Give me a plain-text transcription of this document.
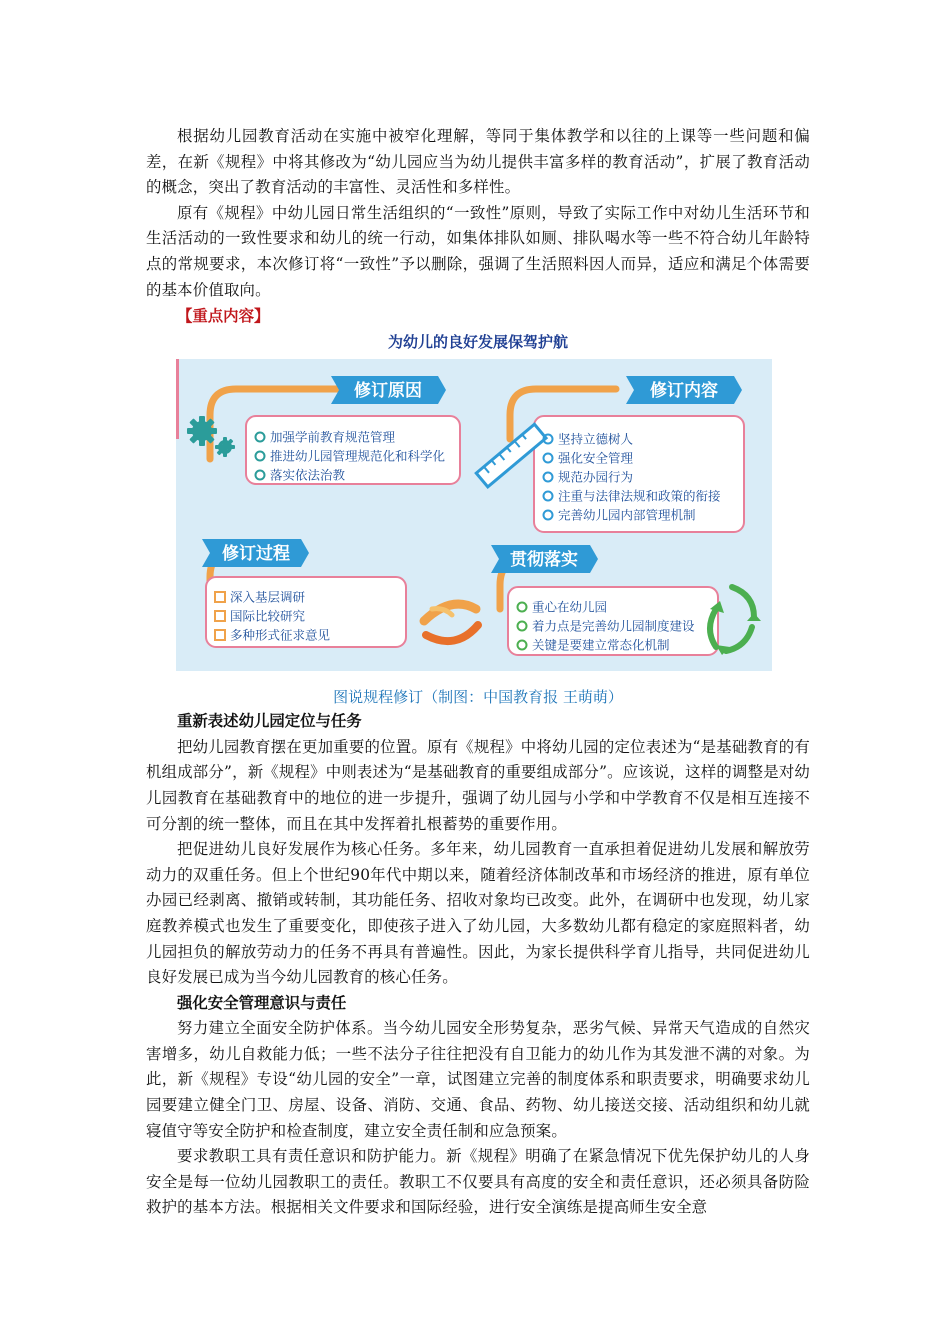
根据幼儿园教育活动在实施中被窄化理解，等同于集体教学和以往的上课等一些问题和偏差，在新《规程》中将其修改为“幼儿园应当为幼儿提供丰富多样的教育活动”，扩展了教育活动的概念，突出了教育活动的丰富性、灵活性和多样性。

原有《规程》中幼儿园日常生活组织的“一致性”原则，导致了实际工作中对幼儿生活环节和生活活动的一致性要求和幼儿的统一行动，如集体排队如厕、排队喝水等一些不符合幼儿年龄特点的常规要求，本次修订将“一致性”予以删除，强调了生活照料因人而异，适应和满足个体需要的基本价值取向。

【重点内容】
为幼儿的良好发展保驾护航
修订原因	修订内容
修订过程	贯彻落实
加强学前教育规范管理
推进幼儿园管理规范化和科学化
落实依法治教
坚持立德树人
强化安全管理
规范办园行为
注重与法律法规和政策的衔接
完善幼儿园内部管理机制
深入基层调研
国际比较研究
多种形式征求意见
重心在幼儿园
着力点是完善幼儿园制度建设
关键是要建立常态化机制
图说规程修订（制图：中国教育报 王萌萌）
重新表述幼儿园定位与任务

把幼儿园教育摆在更加重要的位置。原有《规程》中将幼儿园的定位表述为“是基础教育的有机组成部分”，新《规程》中则表述为“是基础教育的重要组成部分”。应该说，这样的调整是对幼儿园教育在基础教育中的地位的进一步提升，强调了幼儿园与小学和中学教育不仅是相互连接不可分割的统一整体，而且在其中发挥着扎根蓄势的重要作用。

把促进幼儿良好发展作为核心任务。多年来，幼儿园教育一直承担着促进幼儿发展和解放劳动力的双重任务。但上个世纪90年代中期以来，随着经济体制改革和市场经济的推进，原有单位办园已经剥离、撤销或转制，其功能任务、招收对象均已改变。此外，在调研中也发现，幼儿家庭教养模式也发生了重要变化，即使孩子进入了幼儿园，大多数幼儿都有稳定的家庭照料者，幼儿园担负的解放劳动力的任务不再具有普遍性。因此，为家长提供科学育儿指导，共同促进幼儿良好发展已成为当今幼儿园教育的核心任务。

强化安全管理意识与责任

努力建立全面安全防护体系。当今幼儿园安全形势复杂，恶劣气候、异常天气造成的自然灾害增多，幼儿自救能力低；一些不法分子往往把没有自卫能力的幼儿作为其发泄不满的对象。为此，新《规程》专设“幼儿园的安全”一章，试图建立完善的制度体系和职责要求，明确要求幼儿园要建立健全门卫、房屋、设备、消防、交通、食品、药物、幼儿接送交接、活动组织和幼儿就寝值守等安全防护和检查制度，建立安全责任制和应急预案。

要求教职工具有责任意识和防护能力。新《规程》明确了在紧急情况下优先保护幼儿的人身安全是每一位幼儿园教职工的责任。教职工不仅要具有高度的安全和责任意识，还必须具备防险救护的基本方法。根据相关文件要求和国际经验，进行安全演练是提高师生安全意
